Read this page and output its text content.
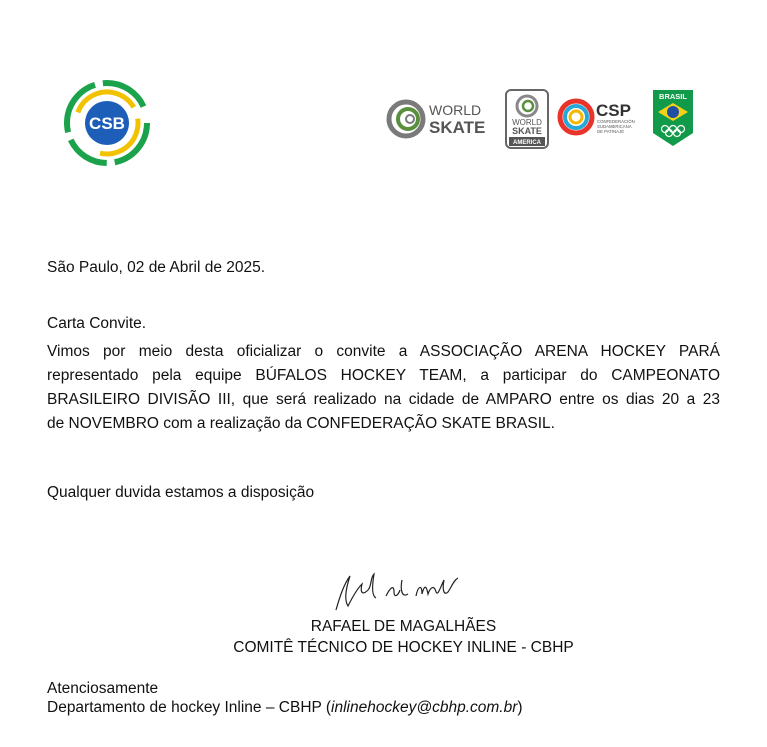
CSB
WORLD
SKATE	WORLD
SKATE
AMERICA
CSP
CONFEDERACIÓN
SUDAMERICANA
DE PATINAJE
BRASIL
São Paulo, 02 de Abril de 2025.
Carta Convite.
Vimos por meio desta oficializar o convite a ASSOCIAÇÃO ARENA HOCKEY PARÁ
representado pela equipe BÚFALOS HOCKEY TEAM, a participar do CAMPEONATO
BRASILEIRO DIVISÃO III, que será realizado na cidade de AMPARO entre os dias 20 a 23
de NOVEMBRO com a realização da CONFEDERAÇÃO SKATE BRASIL.
Qualquer duvida estamos a disposição
RAFAEL DE MAGALHÃES
COMITÊ TÉCNICO DE HOCKEY INLINE - CBHP
Atenciosamente
Departamento de hockey Inline – CBHP (inlinehockey@cbhp.com.br)
